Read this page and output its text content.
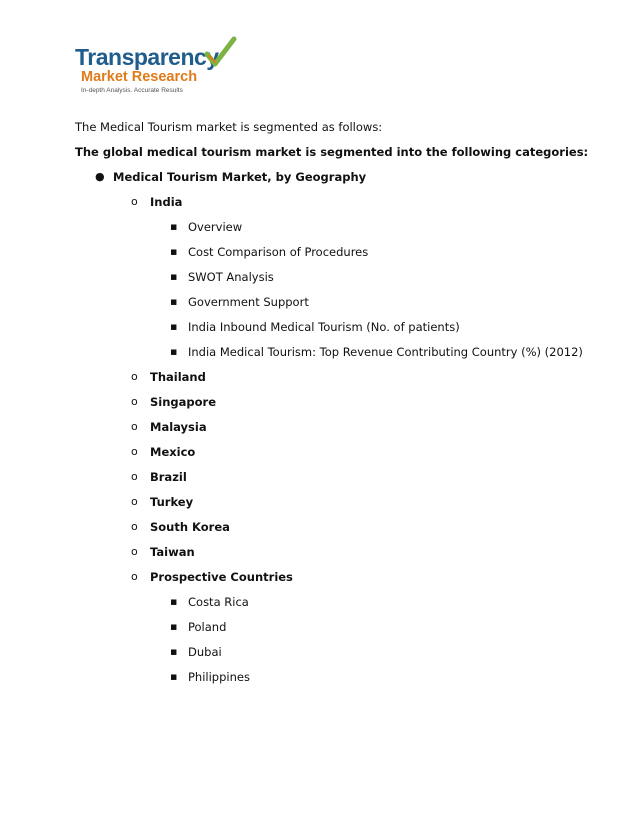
Transparency
Market Research
In-depth Analysis. Accurate Results
The Medical Tourism market is segmented as follows:
The global medical tourism market is segmented into the following categories:
● Medical Tourism Market, by Geography
o India
▪ Overview
▪ Cost Comparison of Procedures
▪ SWOT Analysis
▪ Government Support
▪ India Inbound Medical Tourism (No. of patients)
▪ India Medical Tourism: Top Revenue Contributing Country (%) (2012)
o Thailand
o Singapore
o Malaysia
o Mexico
o Brazil
o Turkey
o South Korea
o Taiwan
o Prospective Countries
▪ Costa Rica
▪ Poland
▪ Dubai
▪ Philippines
